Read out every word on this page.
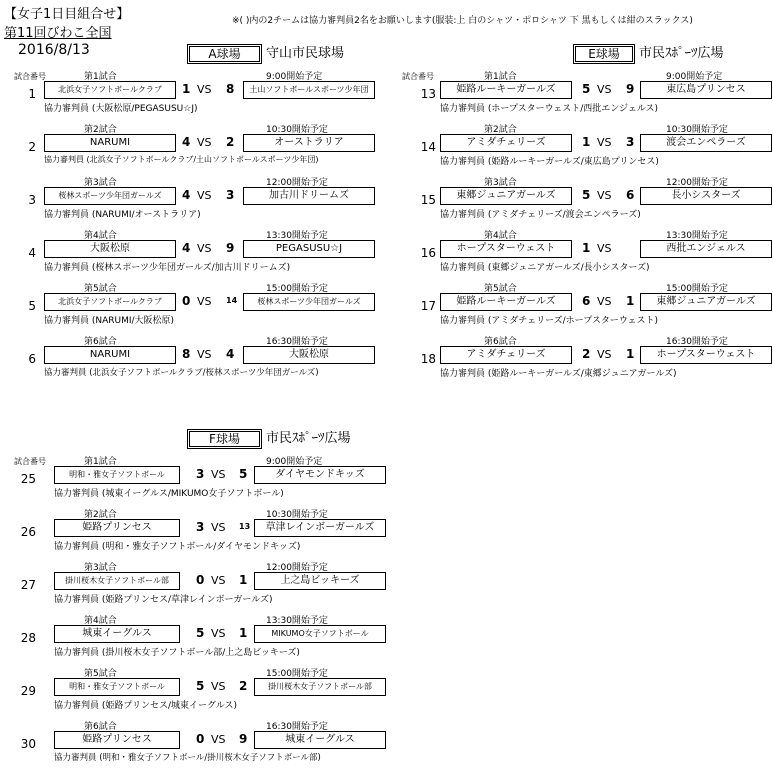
【女子1日目組合せ】
第11回びわこ全国
※( )内の2チームは協力審判員2名をお願いします(服装:上 白のシャツ・ポロシャツ 下 黒もしくは紺のスラックス)
2016/8/13	A球場	守山市民球場
試合番号
1
第1試合	9:00開始予定
北浜女子ソフトボールクラブ	1 VS 8	土山ソフトボールスポーツ少年団
協力審判員 (大阪松原/PEGASUSU☆J)
2
第2試合	10:30開始予定
NARUMI	4 VS 2	オーストラリア
協力審判員 (北浜女子ソフトボールクラブ/土山ソフトボールスポーツ少年団)
3
第3試合	12:00開始予定
桜林スポーツ少年団ガールズ	4 VS 3	加古川ドリームズ
協力審判員 (NARUMI/オーストラリア)
4
第4試合	13:30開始予定
大阪松原	4 VS 9	PEGASUSU☆J
協力審判員 (桜林スポーツ少年団ガールズ/加古川ドリームズ)
5
第5試合	15:00開始予定
北浜女子ソフトボールクラブ	0 VS 14	桜林スポーツ少年団ガールズ
協力審判員 (NARUMI/大阪松原)
6
第6試合	16:30開始予定
NARUMI	8 VS 4	大阪松原
協力審判員 (北浜女子ソフトボールクラブ/桜林スポーツ少年団ガールズ)
E球場	市民ｽﾎﾟｰﾂ広場
試合番号
13
第1試合	9:00開始予定
姫路ルーキーガールズ	5 VS 9	東広島プリンセス
協力審判員 (ホープスターウェスト/西批エンジェルス)
14
第2試合	10:30開始予定
アミダチェリーズ	1 VS 3	渡会エンペラーズ
協力審判員 (姫路ルーキーガールズ/東広島プリンセス)
15
第3試合	12:00開始予定
東郷ジュニアガールズ	5 VS 6	長小シスターズ
協力審判員 (アミダチェリーズ/渡会エンペラーズ)
16
第4試合	13:30開始予定
ホープスターウェスト	1 VS	西批エンジェルス
協力審判員 (東郷ジュニアガールズ/長小シスターズ)
17
第5試合	15:00開始予定
姫路ルーキーガールズ	6 VS 1	東郷ジュニアガールズ
協力審判員 (アミダチェリーズ/ホープスターウェスト)
18
第6試合	16:30開始予定
アミダチェリーズ	2 VS 1	ホープスターウェスト
協力審判員 (姫路ルーキーガールズ/東郷ジュニアガールズ)
F球場	市民ｽﾎﾟｰﾂ広場
試合番号
25
第1試合	9:00開始予定
明和・雅女子ソフトボール	3 VS 5	ダイヤモンドキッズ
協力審判員 (城東イーグルス/MIKUMO女子ソフトボール)
26
第2試合	10:30開始予定
姫路プリンセス	3 VS 13	草津レインボーガールズ
協力審判員 (明和・雅女子ソフトボール/ダイヤモンドキッズ)
27
第3試合	12:00開始予定
掛川桜木女子ソフトボール部	0 VS 1	上之島ビッキーズ
協力審判員 (姫路プリンセス/草津レインボーガールズ)
28
第4試合	13:30開始予定
城東イーグルス	5 VS 1	MIKUMO女子ソフトボール
協力審判員 (掛川桜木女子ソフトボール部/上之島ビッキーズ)
29
第5試合	15:00開始予定
明和・雅女子ソフトボール	5 VS 2	掛川桜木女子ソフトボール部
協力審判員 (姫路プリンセス/城東イーグルス)
30
第6試合	16:30開始予定
姫路プリンセス	0 VS 9	城東イーグルス
協力審判員 (明和・雅女子ソフトボール/掛川桜木女子ソフトボール部)
